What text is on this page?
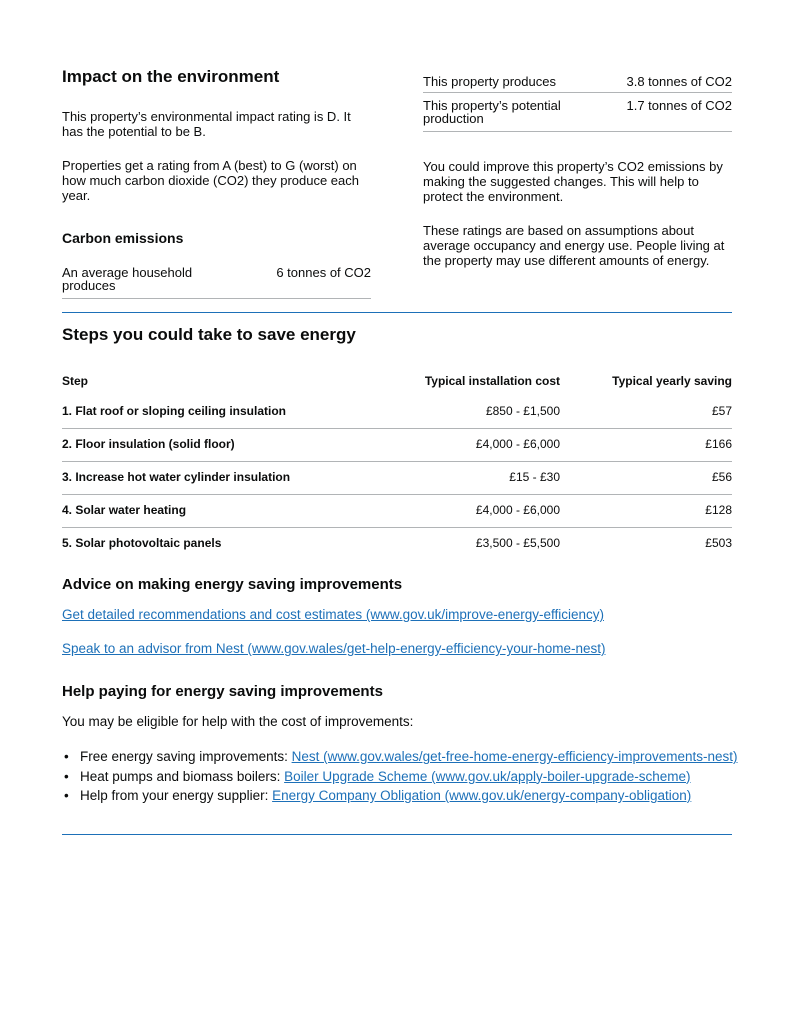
Impact on the environment

This property’s environmental impact rating is D. It has the potential to be B.

Properties get a rating from A (best) to G (worst) on how much carbon dioxide (CO2) they produce each year.

Carbon emissions
An average household produces
6 tonnes of CO2
This property produces	3.8 tonnes of CO2
This property’s potential production
1.7 tonnes of CO2

You could improve this property’s CO2 emissions by making the suggested changes. This will help to protect the environment.

These ratings are based on assumptions about average occupancy and energy use. People living at the property may use different amounts of energy.

Steps you could take to save energy
Step	Typical installation cost	Typical yearly saving
1. Flat roof or sloping ceiling insulation	£850 - £1,500	£57
2. Floor insulation (solid floor)	£4,000 - £6,000	£166
3. Increase hot water cylinder insulation	£15 - £30	£56
4. Solar water heating	£4,000 - £6,000	£128
5. Solar photovoltaic panels	£3,500 - £5,500	£503
Advice on making energy saving improvements
Get detailed recommendations and cost estimates (www.gov.uk/improve-energy-efficiency)
Speak to an advisor from Nest (www.gov.wales/get-help-energy-efficiency-your-home-nest)
Help paying for energy saving improvements

You may be eligible for help with the cost of improvements:

• Free energy saving improvements: Nest (www.gov.wales/get-free-home-energy-efficiency-improvements-nest)
• Heat pumps and biomass boilers: Boiler Upgrade Scheme (www.gov.uk/apply-boiler-upgrade-scheme)
• Help from your energy supplier: Energy Company Obligation (www.gov.uk/energy-company-obligation)
